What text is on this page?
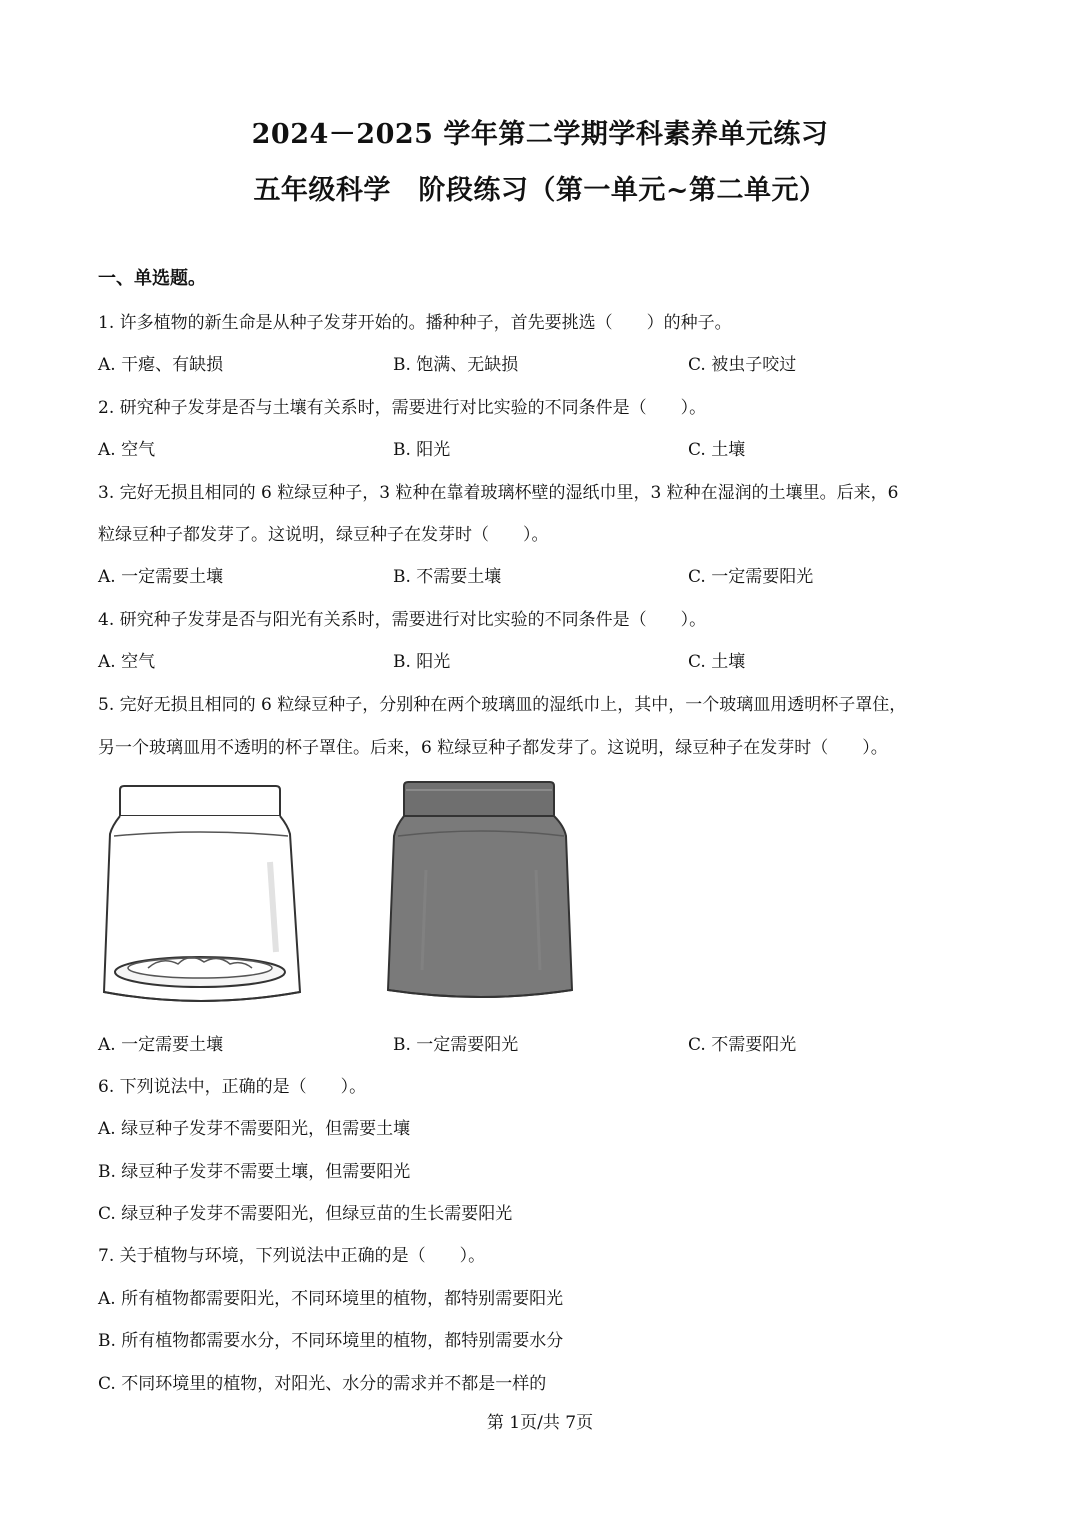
2024－2025 学年第二学期学科素养单元练习
五年级科学　阶段练习（第一单元~第二单元）
一、单选题。
1. 许多植物的新生命是从种子发芽开始的。播种种子，首先要挑选（　　）的种子。
A. 干瘪、有缺损	B. 饱满、无缺损	C. 被虫子咬过
2. 研究种子发芽是否与土壤有关系时，需要进行对比实验的不同条件是（　　）。
A. 空气	B. 阳光	C. 土壤
3. 完好无损且相同的 6 粒绿豆种子，3 粒种在靠着玻璃杯壁的湿纸巾里，3 粒种在湿润的土壤里。后来，6
粒绿豆种子都发芽了。这说明，绿豆种子在发芽时（　　）。
A. 一定需要土壤	B. 不需要土壤	C. 一定需要阳光
4. 研究种子发芽是否与阳光有关系时，需要进行对比实验的不同条件是（　　）。
A. 空气	B. 阳光	C. 土壤
5. 完好无损且相同的 6 粒绿豆种子，分别种在两个玻璃皿的湿纸巾上，其中，一个玻璃皿用透明杯子罩住，
另一个玻璃皿用不透明的杯子罩住。后来，6 粒绿豆种子都发芽了。这说明，绿豆种子在发芽时（　　）。
A. 一定需要土壤	B. 一定需要阳光	C. 不需要阳光
6. 下列说法中，正确的是（　　）。
A. 绿豆种子发芽不需要阳光，但需要土壤
B. 绿豆种子发芽不需要土壤，但需要阳光
C. 绿豆种子发芽不需要阳光，但绿豆苗的生长需要阳光
7. 关于植物与环境，下列说法中正确的是（　　）。
A. 所有植物都需要阳光，不同环境里的植物，都特别需要阳光
B. 所有植物都需要水分，不同环境里的植物，都特别需要水分
C. 不同环境里的植物，对阳光、水分的需求并不都是一样的
第 1页/共 7页
